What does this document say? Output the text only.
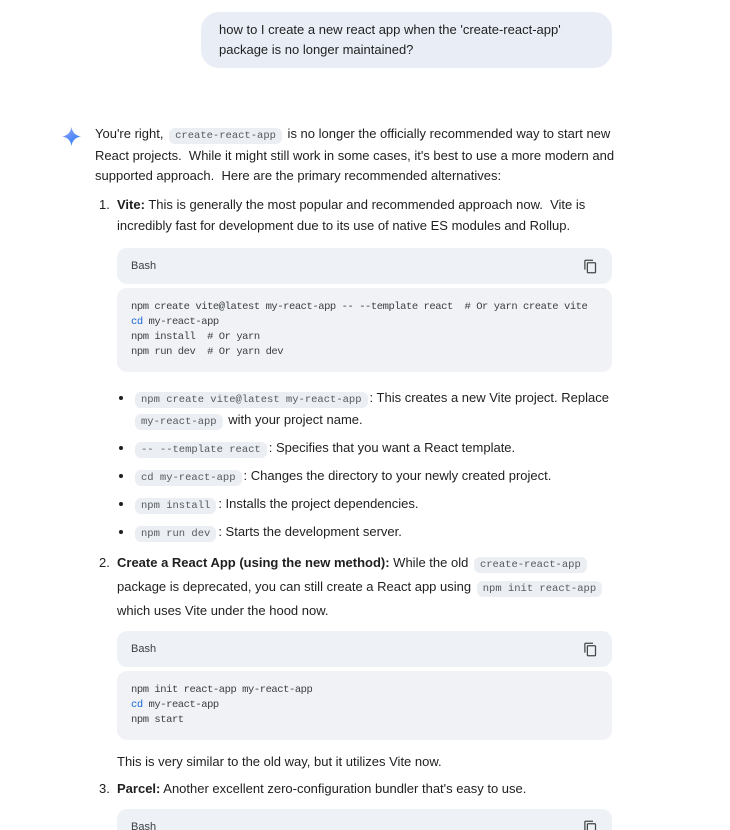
how to I create a new react app when the 'create-react-app' package is no longer maintained?

You're right, create-react-app is no longer the officially recommended way to start new React projects.  While it might still work in some cases, it's best to use a more modern and supported approach.  Here are the primary recommended alternatives:

1. Vite: This is generally the most popular and recommended approach now.  Vite is incredibly fast for development due to its use of native ES modules and Rollup.
Bash
npm create vite@latest my-react-app -- --template react  # Or yarn create vite
cd my-react-app
npm install  # Or yarn
npm run dev  # Or yarn dev
npm create vite@latest my-react-app : This creates a new Vite project. Replace my-react-app with your project name.
-- --template react : Specifies that you want a React template.
cd my-react-app : Changes the directory to your newly created project.
npm install : Installs the project dependencies.
npm run dev : Starts the development server.
2. Create a React App (using the new method): While the old create-react-app package is deprecated, you can still create a React app using npm init react-app which uses Vite under the hood now.
Bash
npm init react-app my-react-app
cd my-react-app
npm start

This is very similar to the old way, but it utilizes Vite now.

3. Parcel: Another excellent zero-configuration bundler that's easy to use.
Bash
